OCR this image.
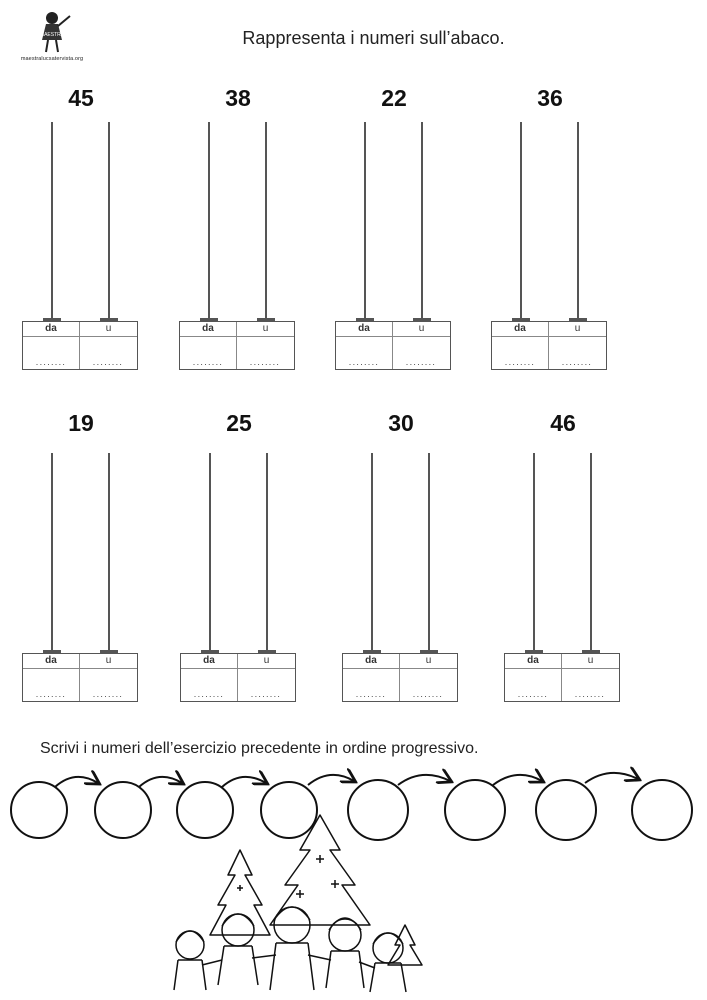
MAESTRA
maestralucsatervista.org
Rappresenta i numeri sull’abaco.
45
da	u
........	........
38
da	u
........	........
22
da	u
........	........
36
da	u
........	........
19
da	u
........	........
25
da	u
........	........
30
da	u
........	........
46
da	u
........	........
Scrivi i numeri dell’esercizio precedente in ordine progressivo.
